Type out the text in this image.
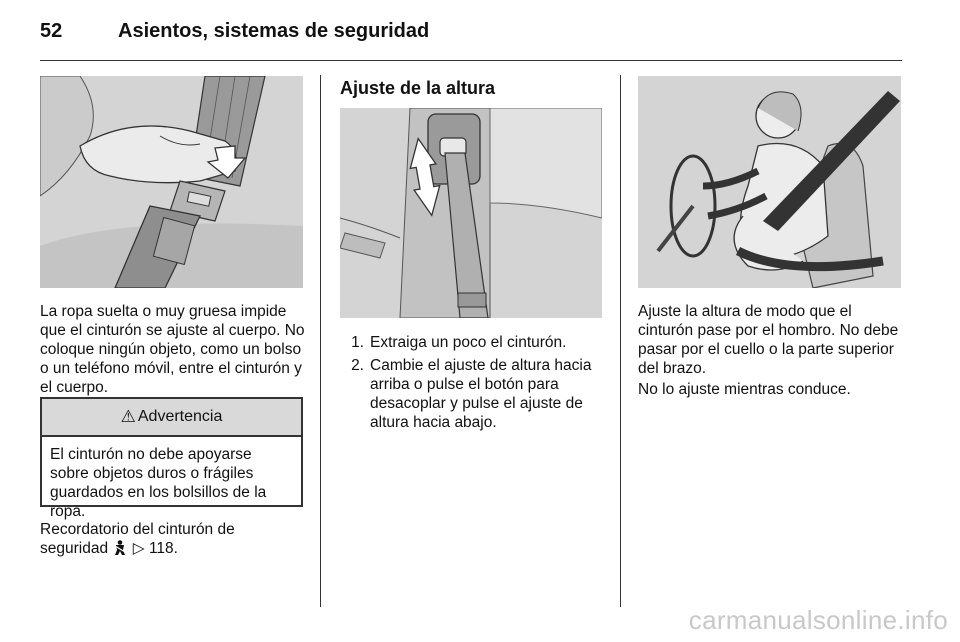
52	Asientos, sistemas de seguridad

La ropa suelta o muy gruesa impide que el cinturón se ajuste al cuerpo. No coloque ningún objeto, como un bolso o un teléfono móvil, entre el cinturón y el cuerpo.

⚠ Advertencia
El cinturón no debe apoyarse sobre objetos duros o frágiles guardados en los bolsillos de la ropa.
Recordatorio del cinturón de seguridad ▷ 118.
Ajuste de la altura
1. Extraiga un poco el cinturón.
2. Cambie el ajuste de altura hacia arriba o pulse el botón para desacoplar y pulse el ajuste de altura hacia abajo.

Ajuste la altura de modo que el cinturón pase por el hombro. No debe pasar por el cuello o la parte superior del brazo.

No lo ajuste mientras conduce.

carmanualsonline.info
